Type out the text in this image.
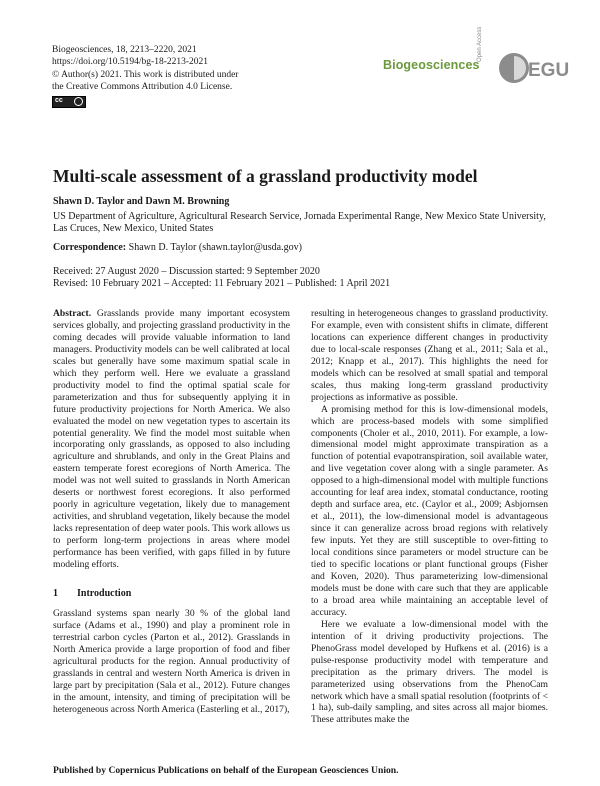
Biogeosciences, 18, 2213–2220, 2021
https://doi.org/10.5194/bg-18-2213-2021
© Author(s) 2021. This work is distributed under
the Creative Commons Attribution 4.0 License.
cc
Biogeosciences
Open Access
EGU
Multi-scale assessment of a grassland productivity model
Shawn D. Taylor and Dawn M. Browning
US Department of Agriculture, Agricultural Research Service, Jornada Experimental Range, New Mexico State University, Las Cruces, New Mexico, United States
Correspondence: Shawn D. Taylor (shawn.taylor@usda.gov)
Received: 27 August 2020 – Discussion started: 9 September 2020
Revised: 10 February 2021 – Accepted: 11 February 2021 – Published: 1 April 2021

Abstract. Grasslands provide many important ecosystem services globally, and projecting grassland productivity in the coming decades will provide valuable information to land managers. Productivity models can be well calibrated at local scales but generally have some maximum spatial scale in which they perform well. Here we evaluate a grassland productivity model to find the optimal spatial scale for parameterization and thus for subsequently applying it in future productivity projections for North America. We also evaluated the model on new vegetation types to ascertain its potential generality. We find the model most suitable when incorporating only grasslands, as opposed to also including agriculture and shrublands, and only in the Great Plains and eastern temperate forest ecoregions of North America. The model was not well suited to grasslands in North American deserts or northwest forest ecoregions. It also performed poorly in agriculture vegetation, likely due to management activities, and shrubland vegetation, likely because the model lacks representation of deep water pools. This work allows us to perform long-term projections in areas where model performance has been verified, with gaps filled in by future modeling efforts.

1 Introduction

Grassland systems span nearly 30 % of the global land surface (Adams et al., 1990) and play a prominent role in terrestrial carbon cycles (Parton et al., 2012). Grasslands in North America provide a large proportion of food and fiber agricultural products for the region. Annual productivity of grasslands in central and western North America is driven in large part by precipitation (Sala et al., 2012). Future changes in the amount, intensity, and timing of precipitation will be heterogeneous across North America (Easterling et al., 2017),

resulting in heterogeneous changes to grassland productivity. For example, even with consistent shifts in climate, different locations can experience different changes in productivity due to local-scale responses (Zhang et al., 2011; Sala et al., 2012; Knapp et al., 2017). This highlights the need for models which can be resolved at small spatial and temporal scales, thus making long-term grassland productivity projections as informative as possible.

A promising method for this is low-dimensional models, which are process-based models with some simplified components (Choler et al., 2010, 2011). For example, a low-dimensional model might approximate transpiration as a function of potential evapotranspiration, soil available water, and live vegetation cover along with a single parameter. As opposed to a high-dimensional model with multiple functions accounting for leaf area index, stomatal conductance, rooting depth and surface area, etc. (Caylor et al., 2009; Asbjornsen et al., 2011), the low-dimensional model is advantageous since it can generalize across broad regions with relatively few inputs. Yet they are still susceptible to over-fitting to local conditions since parameters or model structure can be tied to specific locations or plant functional groups (Fisher and Koven, 2020). Thus parameterizing low-dimensional models must be done with care such that they are applicable to a broad area while maintaining an acceptable level of accuracy.

Here we evaluate a low-dimensional model with the intention of it driving productivity projections. The PhenoGrass model developed by Hufkens et al. (2016) is a pulse-response productivity model with temperature and precipitation as the primary drivers. The model is parameterized using observations from the PhenoCam network which have a small spatial resolution (footprints of < 1 ha), sub-daily sampling, and sites across all major biomes. These attributes make the

Published by Copernicus Publications on behalf of the European Geosciences Union.
